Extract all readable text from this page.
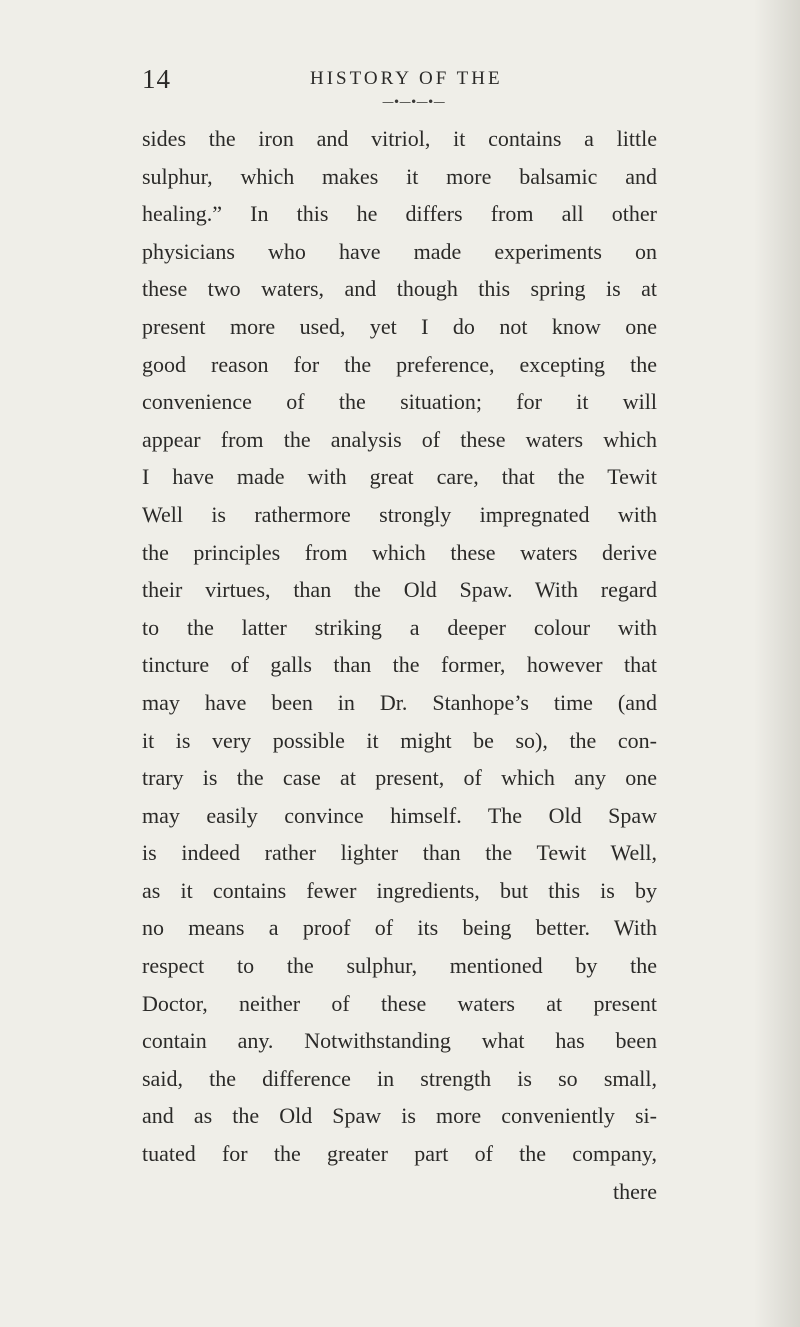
14	HISTORY OF THE
—•—•—•—
sides the iron and vitriol, it contains a little
sulphur, which makes it more balsamic and
healing.” In this he differs from all other
physicians who have made experiments on
these two waters, and though this spring is at
present more used, yet I do not know one
good reason for the preference, excepting the
convenience of the situation; for it will
appear from the analysis of these waters which
I have made with great care, that the Tewit
Well is rathermore strongly impregnated with
the principles from which these waters derive
their virtues, than the Old Spaw. With regard
to the latter striking a deeper colour with
tincture of galls than the former, however that
may have been in Dr. Stanhope’s time (and
it is very possible it might be so), the con-
trary is the case at present, of which any one
may easily convince himself. The Old Spaw
is indeed rather lighter than the Tewit Well,
as it contains fewer ingredients, but this is by
no means a proof of its being better. With
respect to the sulphur, mentioned by the
Doctor, neither of these waters at present
contain any. Notwithstanding what has been
said, the difference in strength is so small,
and as the Old Spaw is more conveniently si-
tuated for the greater part of the company,
there
